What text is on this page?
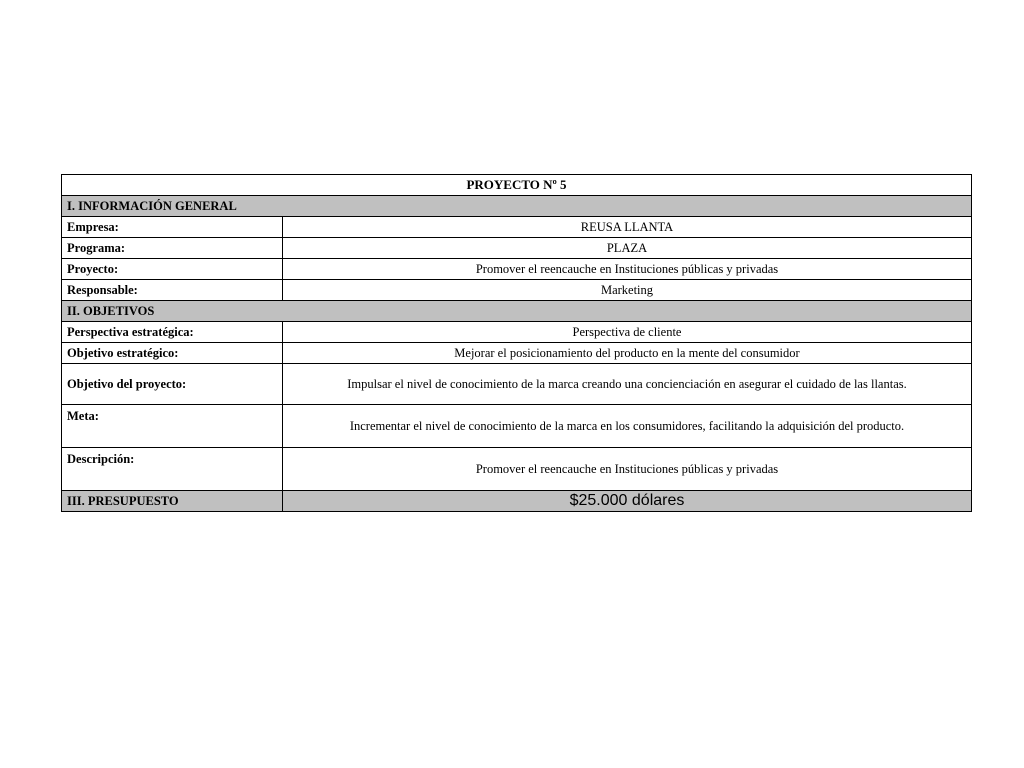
PROYECTO Nº 5	
I. INFORMACIÓN GENERAL	
Empresa:	REUSA LLANTA
Programa:	PLAZA
Proyecto:	Promover el reencauche en Instituciones públicas y privadas
Responsable:	Marketing
II. OBJETIVOS	
Perspectiva estratégica:	Perspectiva de cliente
Objetivo estratégico:	Mejorar el posicionamiento del producto en la mente del consumidor
Objetivo del proyecto:	Impulsar el nivel de conocimiento de la marca creando una concienciación en asegurar el cuidado de las llantas.
Meta:	Incrementar el nivel de conocimiento de la marca en los consumidores, facilitando la adquisición del producto.
Descripción:	Promover el reencauche en Instituciones públicas y privadas
III. PRESUPUESTO	$25.000 dólares
